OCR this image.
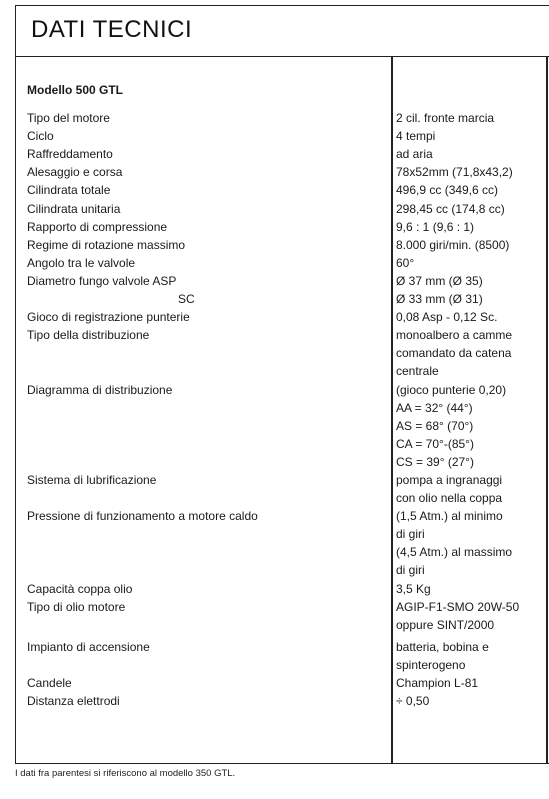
DATI TECNICI
Modello 500 GTL
Tipo del motore	2 cil. fronte marcia
Ciclo	4 tempi
Raffreddamento	ad aria
Alesaggio e corsa	78x52mm (71,8x43,2)
Cilindrata totale	496,9 cc (349,6 cc)
Cilindrata unitaria	298,45 cc (174,8 cc)
Rapporto di compressione	9,6 : 1 (9,6 : 1)
Regime di rotazione massimo	8.000 giri/min. (8500)
Angolo tra le valvole	60°
Diametro fungo valvole ASP	Ø 37 mm (Ø 35)
SC	Ø 33 mm (Ø 31)
Gioco di registrazione punterie	0,08 Asp - 0,12 Sc.
Tipo della distribuzione	monoalbero a camme
comandato da catena
centrale
Diagramma di distribuzione	(gioco punterie 0,20)
AA = 32° (44°)
AS = 68° (70°)
CA = 70°-(85°)
CS = 39° (27°)
Sistema di lubrificazione	pompa a ingranaggi
con olio nella coppa
Pressione di funzionamento a motore caldo	(1,5 Atm.) al minimo
di giri
(4,5 Atm.) al massimo
di giri
Capacità coppa olio	3,5 Kg
Tipo di olio motore	AGIP-F1-SMO 20W-50
oppure SINT/2000
Impianto di accensione	batteria, bobina e
spinterogeno
Candele	Champion L-81
Distanza elettrodi	÷ 0,50
I dati fra parentesi si riferiscono al modello 350 GTL.
